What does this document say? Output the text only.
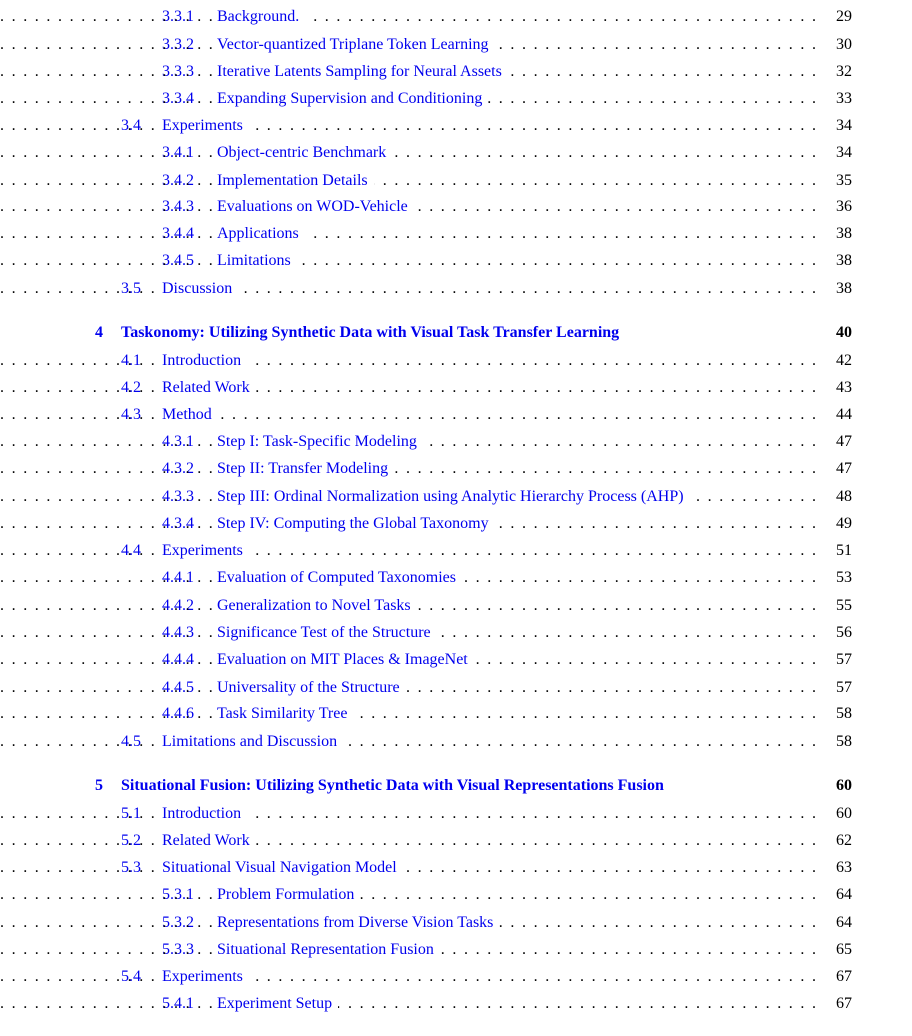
3.3.1 Background. . . .	29
3.3.2 Vector-quantized Triplane Token Learning . . .	30
3.3.3 Iterative Latents Sampling for Neural Assets . . .	32
3.3.4 Expanding Supervision and Conditioning . . .	33
3.4 Experiments . . .	34
3.4.1 Object-centric Benchmark . . .	34
3.4.2 Implementation Details . . .	35
3.4.3 Evaluations on WOD-Vehicle . . .	36
3.4.4 Applications . . .	38
3.4.5 Limitations . . .	38
3.5 Discussion . . .	38
4 Taskonomy: Utilizing Synthetic Data with Visual Task Transfer Learning	40
4.1 Introduction . . .	42
4.2 Related Work . . .	43
4.3 Method . . .	44
4.3.1 Step I: Task-Specific Modeling . . .	47
4.3.2 Step II: Transfer Modeling . . .	47
4.3.3 Step III: Ordinal Normalization using Analytic Hierarchy Process (AHP) . . .	48
4.3.4 Step IV: Computing the Global Taxonomy . . .	49
4.4 Experiments . . .	51
4.4.1 Evaluation of Computed Taxonomies . . .	53
4.4.2 Generalization to Novel Tasks . . .	55
4.4.3 Significance Test of the Structure . . .	56
4.4.4 Evaluation on MIT Places & ImageNet . . .	57
4.4.5 Universality of the Structure . . .	57
4.4.6 Task Similarity Tree . . .	58
4.5 Limitations and Discussion . . .	58
5 Situational Fusion: Utilizing Synthetic Data with Visual Representations Fusion	60
5.1 Introduction . . .	60
5.2 Related Work . . .	62
5.3 Situational Visual Navigation Model . . .	63
5.3.1 Problem Formulation . . .	64
5.3.2 Representations from Diverse Vision Tasks . . .	64
5.3.3 Situational Representation Fusion . . .	65
5.4 Experiments . . .	67
5.4.1 Experiment Setup . . .	67
